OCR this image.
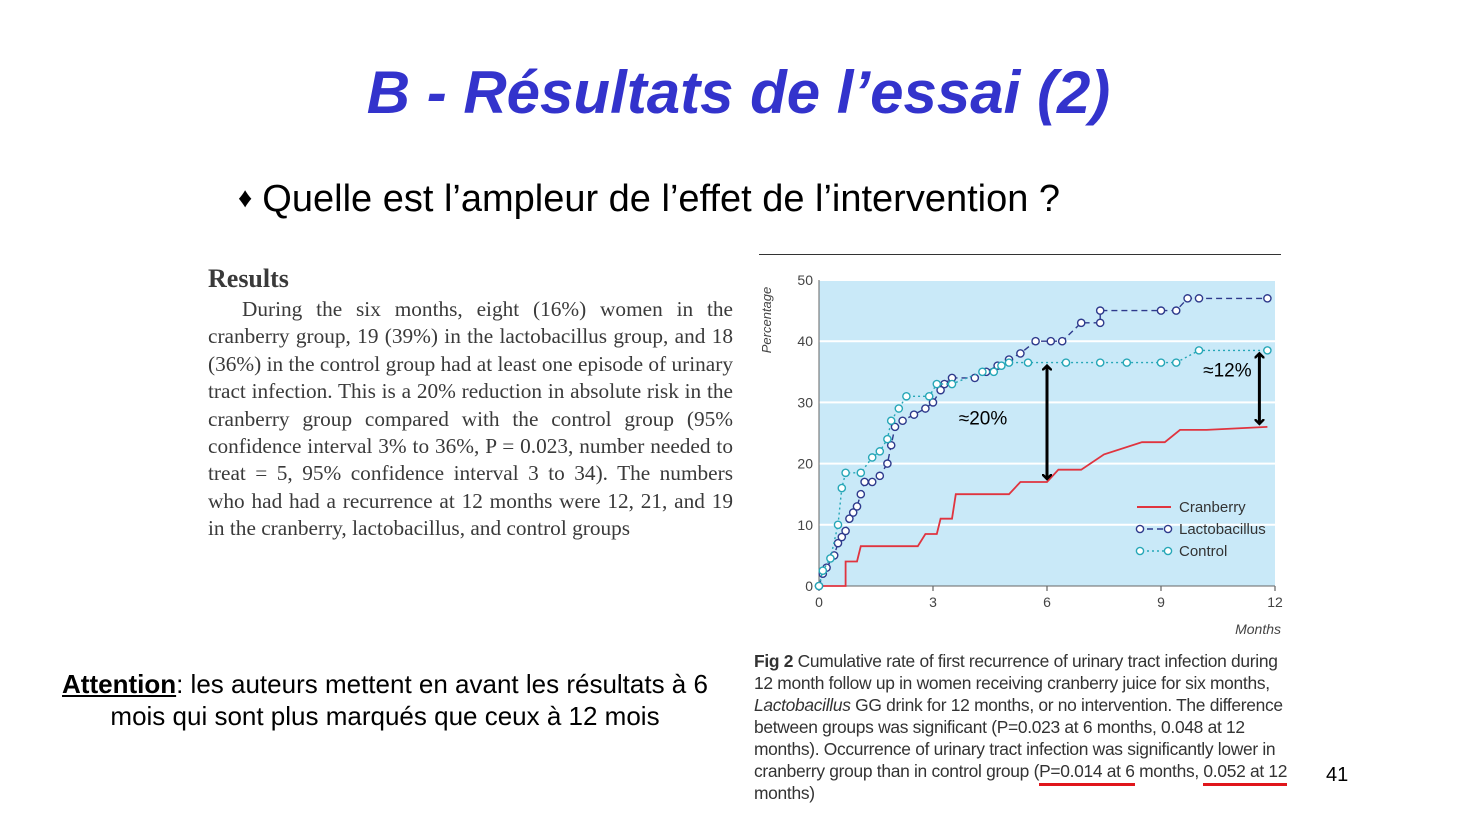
B - Résultats de l’essai (2)
♦ Quelle est l’ampleur de l’effet de l’intervention ?
Results

During the six months, eight (16%) women in the cranberry group, 19 (39%) in the lactobacillus group, and 18 (36%) in the control group had at least one episode of urinary tract infection. This is a 20% reduction in absolute risk in the cranberry group compared with the control group (95% confidence interval 3% to 36%, P = 0.023, number needed to treat = 5, 95% confidence interval 3 to 34). The numbers who had had a recurrence at 12 months were 12, 21, and 19 in the cranberry, lactobacillus, and control groups

Attention: les auteurs mettent en avant les résultats à 6 mois qui sont plus marqués que ceux à 12 mois
0
10
20
30
40
50
0	3	6	9	12
≈20%
≈12%
Cranberry
Lactobacillus
Control
Percentage
Months
Fig 2 Cumulative rate of first recurrence of urinary tract infection during 12 month follow up in women receiving cranberry juice for six months, Lactobacillus GG drink for 12 months, or no intervention. The difference between groups was significant (P=0.023 at 6 months, 0.048 at 12 months). Occurrence of urinary tract infection was significantly lower in cranberry group than in control group (P=0.014 at 6 months, 0.052 at 12 months)
41
